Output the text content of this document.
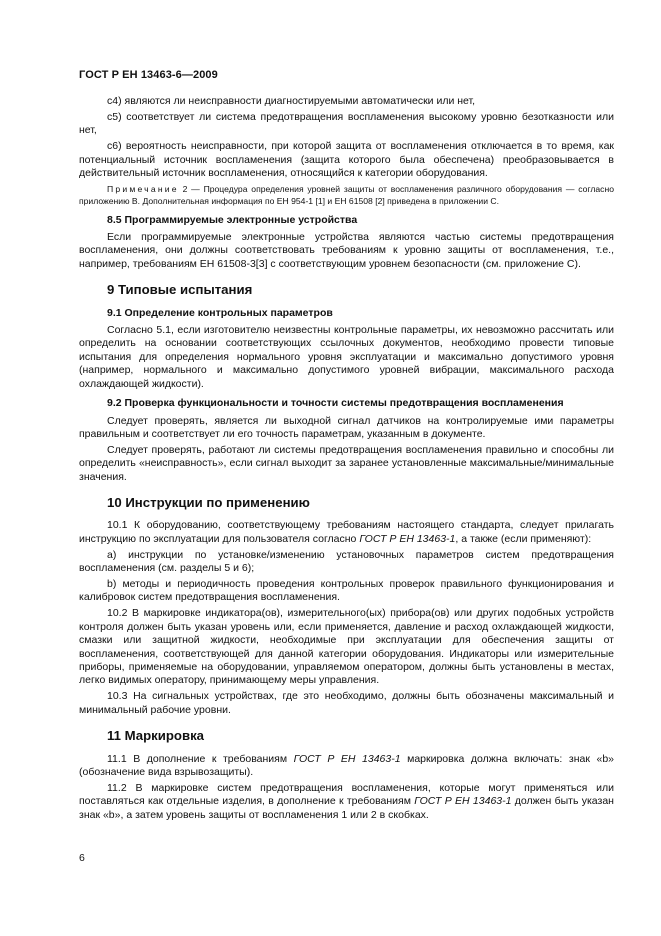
ГОСТ Р ЕН 13463-6—2009

c4) являются ли неисправности диагностируемыми автоматически или нет,

c5) соответствует ли система предотвращения воспламенения высокому уровню безотказности или нет,

c6) вероятность неисправности, при которой защита от воспламенения отключается в то время, как потенциальный источник воспламенения (защита которого была обеспечена) преобразовывается в действительный источник воспламенения, относящийся к категории оборудования.

Примечание 2 — Процедура определения уровней защиты от воспламенения различного оборудования — согласно приложению В. Дополнительная информация по ЕН 954-1 [1] и ЕН 61508 [2] приведена в приложении С.

8.5 Программируемые электронные устройства

Если программируемые электронные устройства являются частью системы предотвращения воспламенения, они должны соответствовать требованиям к уровню защиты от воспламенения, т.е., например, требованиям ЕН 61508-3[3] с соответствующим уровнем безопасности (см. приложение С).

9 Типовые испытания

9.1 Определение контрольных параметров

Согласно 5.1, если изготовителю неизвестны контрольные параметры, их невозможно рассчитать или определить на основании соответствующих ссылочных документов, необходимо провести типовые испытания для определения нормального уровня эксплуатации и максимально допустимого уровня (например, нормального и максимально допустимого уровней вибрации, максимального расхода охлаждающей жидкости).

9.2 Проверка функциональности и точности системы предотвращения воспламенения

Следует проверять, является ли выходной сигнал датчиков на контролируемые ими параметры правильным и соответствует ли его точность параметрам, указанным в документе.

Следует проверять, работают ли системы предотвращения воспламенения правильно и способны ли определить «неисправность», если сигнал выходит за заранее установленные максимальные/минимальные значения.

10 Инструкции по применению

10.1 К оборудованию, соответствующему требованиям настоящего стандарта, следует прилагать инструкцию по эксплуатации для пользователя согласно ГОСТ Р ЕН 13463-1, а также (если применяют):

а) инструкции по установке/изменению установочных параметров систем предотвращения воспламенения (см. разделы 5 и 6);

b) методы и периодичность проведения контрольных проверок правильного функционирования и калибровок систем предотвращения воспламенения.

10.2 В маркировке индикатора(ов), измерительного(ых) прибора(ов) или других подобных устройств контроля должен быть указан уровень или, если применяется, давление и расход охлаждающей жидкости, смазки или защитной жидкости, необходимые при эксплуатации для обеспечения защиты от воспламенения, соответствующей для данной категории оборудования. Индикаторы или измерительные приборы, применяемые на оборудовании, управляемом оператором, должны быть установлены в местах, легко видимых оператору, принимающему меры управления.

10.3 На сигнальных устройствах, где это необходимо, должны быть обозначены максимальный и минимальный рабочие уровни.

11 Маркировка

11.1 В дополнение к требованиям ГОСТ Р ЕН 13463-1 маркировка должна включать: знак «b» (обозначение вида взрывозащиты).

11.2 В маркировке систем предотвращения воспламенения, которые могут применяться или поставляться как отдельные изделия, в дополнение к требованиям ГОСТ Р ЕН 13463-1 должен быть указан знак «b», а затем уровень защиты от воспламенения 1 или 2 в скобках.

6
